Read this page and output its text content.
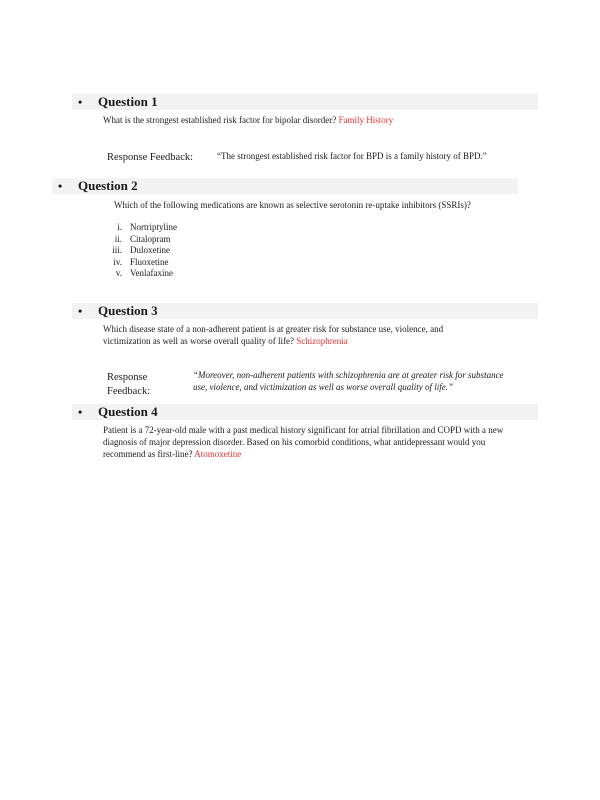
• Question 1
What is the strongest established risk factor for bipolar disorder? Family History
Response Feedback:	“The strongest established risk factor for BPD is a family history of BPD.”
• Question 2
Which of the following medications are known as selective serotonin re-uptake inhibitors (SSRIs)?
i. Nortriptyline
ii. Citalopram
iii. Duloxetine
iv. Fluoxetine
v. Venlafaxine
• Question 3
Which disease state of a non-adherent patient is at greater risk for substance use, violence, and
victimization as well as worse overall quality of life? Schizophrenia
Response
Feedback:
“Moreover, non-adherent patients with schizophrenia are at greater risk for substance
use, violence, and victimization as well as worse overall quality of life.”
• Question 4
Patient is a 72-year-old male with a past medical history significant for atrial fibrillation and COPD with a new
diagnosis of major depression disorder. Based on his comorbid conditions, what antidepressant would you
recommend as first-line? Atomoxetine
